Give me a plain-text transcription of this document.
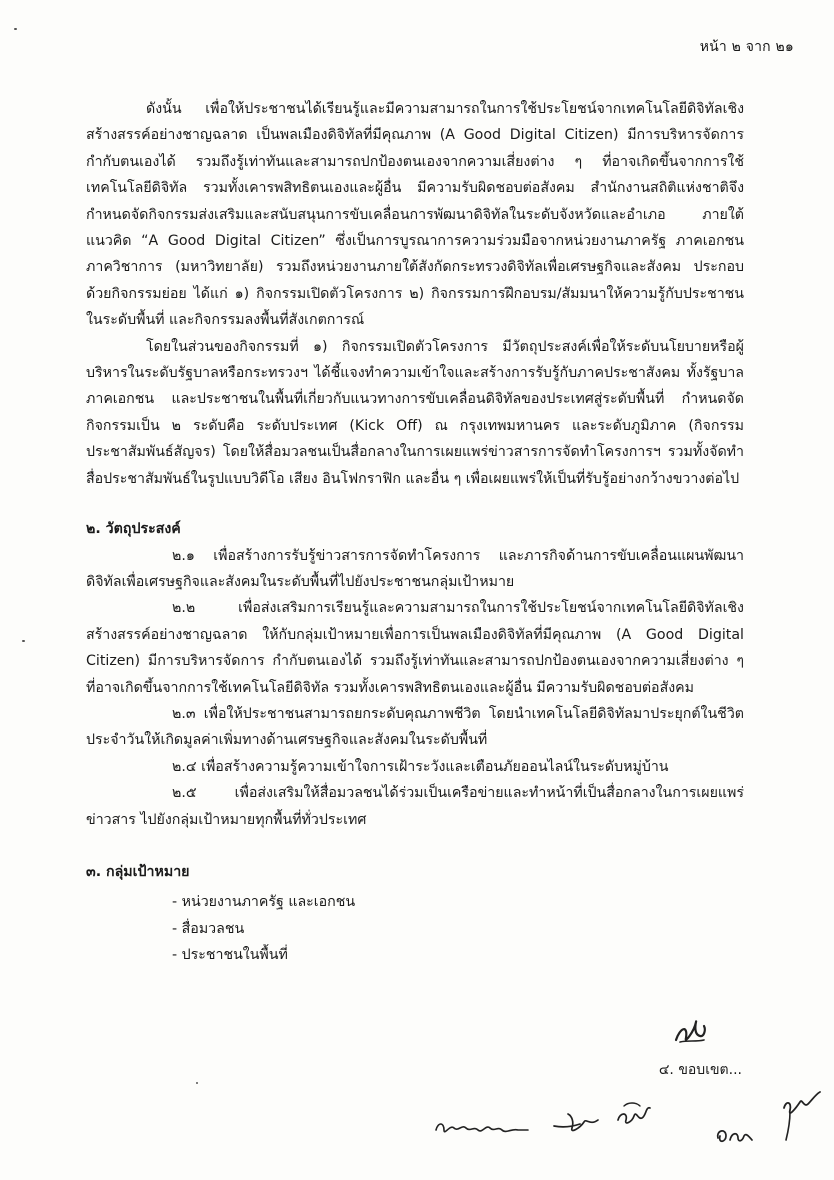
หน้า ๒ จาก ๒๑

ดังนั้น เพื่อให้ประชาชนได้เรียนรู้และมีความสามารถในการใช้ประโยชน์จากเทคโนโลยีดิจิทัลเชิงสร้างสรรค์อย่างชาญฉลาด เป็นพลเมืองดิจิทัลที่มีคุณภาพ (A Good Digital Citizen) มีการบริหารจัดการกำกับตนเองได้ รวมถึงรู้เท่าทันและสามารถปกป้องตนเองจากความเสี่ยงต่าง ๆ ที่อาจเกิดขึ้นจากการใช้เทคโนโลยีดิจิทัล รวมทั้งเคารพสิทธิตนเองและผู้อื่น มีความรับผิดชอบต่อสังคม สำนักงานสถิติแห่งชาติจึงกำหนดจัดกิจกรรมส่งเสริมและสนับสนุนการขับเคลื่อนการพัฒนาดิจิทัลในระดับจังหวัดและอำเภอ ภายใต้แนวคิด “A Good Digital Citizen” ซึ่งเป็นการบูรณาการความร่วมมือจากหน่วยงานภาครัฐ ภาคเอกชน ภาควิชาการ (มหาวิทยาลัย) รวมถึงหน่วยงานภายใต้สังกัดกระทรวงดิจิทัลเพื่อเศรษฐกิจและสังคม ประกอบด้วยกิจกรรมย่อย ได้แก่ ๑) กิจกรรมเปิดตัวโครงการ ๒) กิจกรรมการฝึกอบรม/สัมมนาให้ความรู้กับประชาชนในระดับพื้นที่ และกิจกรรมลงพื้นที่สังเกตการณ์

โดยในส่วนของกิจกรรมที่ ๑) กิจกรรมเปิดตัวโครงการ มีวัตถุประสงค์เพื่อให้ระดับนโยบายหรือผู้บริหารในระดับรัฐบาลหรือกระทรวงฯ ได้ชี้แจงทำความเข้าใจและสร้างการรับรู้กับภาคประชาสังคม ทั้งรัฐบาล ภาคเอกชน และประชาชนในพื้นที่เกี่ยวกับแนวทางการขับเคลื่อนดิจิทัลของประเทศสู่ระดับพื้นที่ กำหนดจัดกิจกรรมเป็น ๒ ระดับคือ ระดับประเทศ (Kick Off) ณ กรุงเทพมหานคร และระดับภูมิภาค (กิจกรรมประชาสัมพันธ์สัญจร) โดยให้สื่อมวลชนเป็นสื่อกลางในการเผยแพร่ข่าวสารการจัดทำโครงการฯ รวมทั้งจัดทำสื่อประชาสัมพันธ์ในรูปแบบวิดีโอ เสียง อินโฟกราฟิก และอื่น ๆ เพื่อเผยแพร่ให้เป็นที่รับรู้อย่างกว้างขวางต่อไป

๒. วัตถุประสงค์

๒.๑ เพื่อสร้างการรับรู้ข่าวสารการจัดทำโครงการ และภารกิจด้านการขับเคลื่อนแผนพัฒนาดิจิทัลเพื่อเศรษฐกิจและสังคมในระดับพื้นที่ไปยังประชาชนกลุ่มเป้าหมาย

๒.๒ เพื่อส่งเสริมการเรียนรู้และความสามารถในการใช้ประโยชน์จากเทคโนโลยีดิจิทัลเชิงสร้างสรรค์อย่างชาญฉลาด ให้กับกลุ่มเป้าหมายเพื่อการเป็นพลเมืองดิจิทัลที่มีคุณภาพ (A Good Digital Citizen) มีการบริหารจัดการ กำกับตนเองได้ รวมถึงรู้เท่าทันและสามารถปกป้องตนเองจากความเสี่ยงต่าง ๆ ที่อาจเกิดขึ้นจากการใช้เทคโนโลยีดิจิทัล รวมทั้งเคารพสิทธิตนเองและผู้อื่น มีความรับผิดชอบต่อสังคม

๒.๓ เพื่อให้ประชาชนสามารถยกระดับคุณภาพชีวิต โดยนำเทคโนโลยีดิจิทัลมาประยุกต์ในชีวิตประจำวันให้เกิดมูลค่าเพิ่มทางด้านเศรษฐกิจและสังคมในระดับพื้นที่

๒.๔ เพื่อสร้างความรู้ความเข้าใจการเฝ้าระวังและเตือนภัยออนไลน์ในระดับหมู่บ้าน

๒.๕ เพื่อส่งเสริมให้สื่อมวลชนได้ร่วมเป็นเครือข่ายและทำหน้าที่เป็นสื่อกลางในการเผยแพร่ข่าวสาร ไปยังกลุ่มเป้าหมายทุกพื้นที่ทั่วประเทศ

๓. กลุ่มเป้าหมาย

- หน่วยงานภาครัฐ และเอกชน
- สื่อมวลชน
- ประชาชนในพื้นที่
๔. ขอบเขต...
